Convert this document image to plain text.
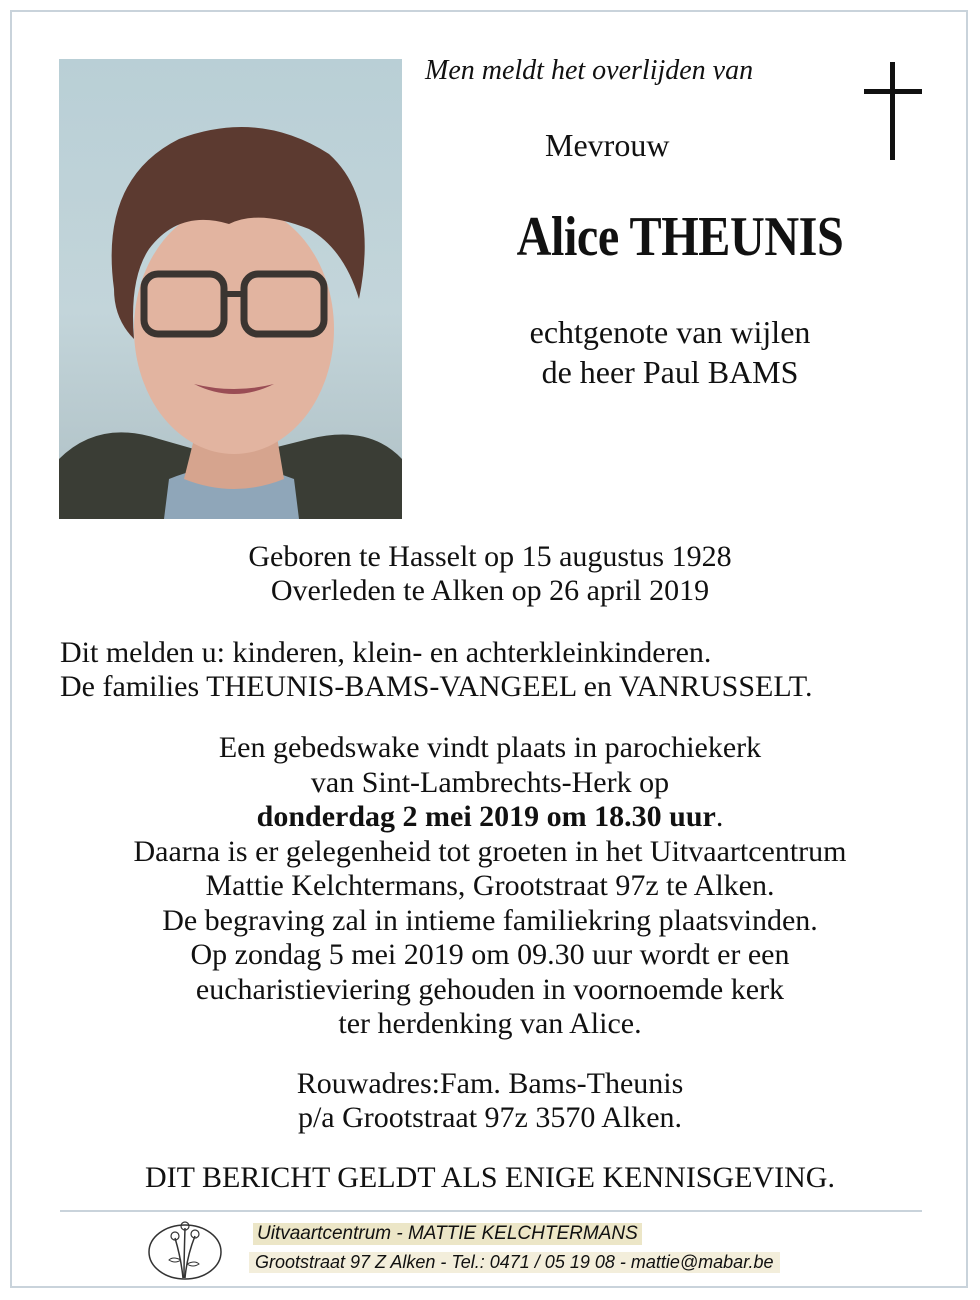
Men meldt het overlijden van
Mevrouw
Alice THEUNIS
echtgenote van wijlen
de heer Paul BAMS
Geboren te Hasselt op 15 augustus 1928
Overleden te Alken op 26 april 2019
Dit melden u: kinderen, klein- en achterkleinkinderen.
De families THEUNIS-BAMS-VANGEEL en VANRUSSELT.
Een gebedswake vindt plaats in parochiekerk
van Sint-Lambrechts-Herk op
donderdag 2 mei 2019 om 18.30 uur.
Daarna is er gelegenheid tot groeten in het Uitvaartcentrum
Mattie Kelchtermans, Grootstraat 97z te Alken.
De begraving zal in intieme familiekring plaatsvinden.
Op zondag 5 mei 2019 om 09.30 uur wordt er een
eucharistieviering gehouden in voornoemde kerk
ter herdenking van Alice.
Rouwadres:Fam. Bams-Theunis
p/a Grootstraat 97z 3570 Alken.
DIT BERICHT GELDT ALS ENIGE KENNISGEVING.
Uitvaartcentrum - MATTIE KELCHTERMANS
Grootstraat 97 Z Alken - Tel.: 0471 / 05 19 08 - mattie@mabar.be
